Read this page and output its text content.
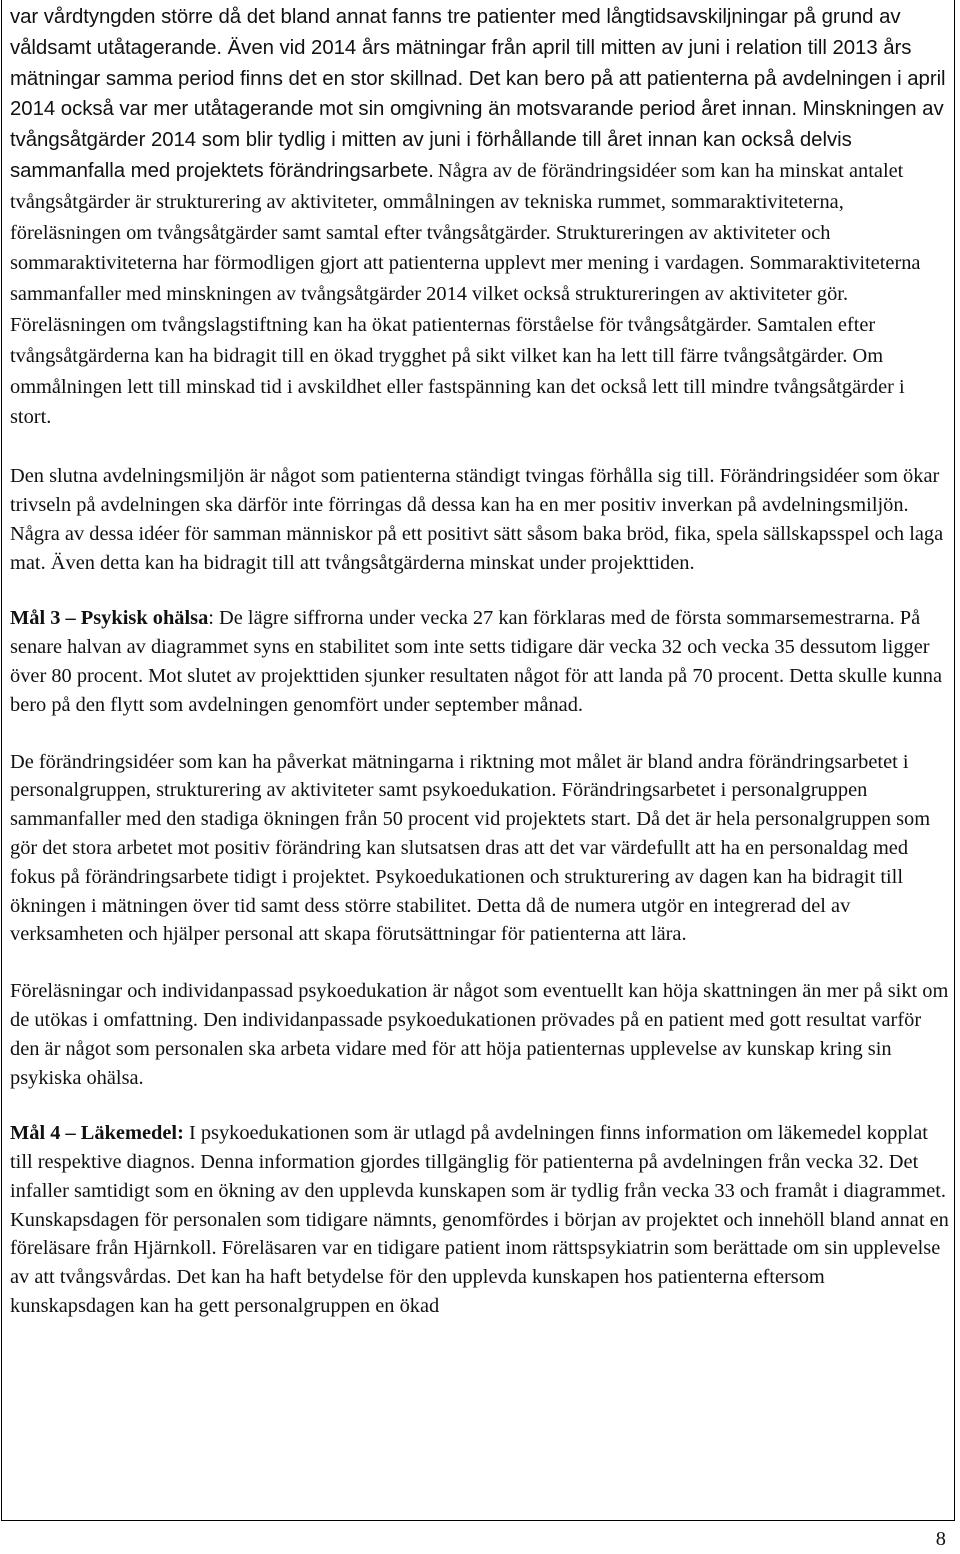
var vårdtyngden större då det bland annat fanns tre patienter med långtidsavskiljningar på grund av våldsamt utåtagerande. Även vid 2014 års mätningar från april till mitten av juni i relation till 2013 års mätningar samma period finns det en stor skillnad. Det kan bero på att patienterna på avdelningen i april 2014 också var mer utåtagerande mot sin omgivning än motsvarande period året innan. Minskningen av tvångsåtgärder 2014 som blir tydlig i mitten av juni i förhållande till året innan kan också delvis sammanfalla med projektets förändringsarbete. Några av de förändringsidéer som kan ha minskat antalet tvångsåtgärder är strukturering av aktiviteter, ommålningen av tekniska rummet, sommaraktiviteterna, föreläsningen om tvångsåtgärder samt samtal efter tvångsåtgärder. Struktureringen av aktiviteter och sommaraktiviteterna har förmodligen gjort att patienterna upplevt mer mening i vardagen. Sommaraktiviteterna sammanfaller med minskningen av tvångsåtgärder 2014 vilket också struktureringen av aktiviteter gör. Föreläsningen om tvångslagstiftning kan ha ökat patienternas förståelse för tvångsåtgärder. Samtalen efter tvångsåtgärderna kan ha bidragit till en ökad trygghet på sikt vilket kan ha lett till färre tvångsåtgärder. Om ommålningen lett till minskad tid i avskildhet eller fastspänning kan det också lett till mindre tvångsåtgärder i stort.

Den slutna avdelningsmiljön är något som patienterna ständigt tvingas förhålla sig till. Förändringsidéer som ökar trivseln på avdelningen ska därför inte förringas då dessa kan ha en mer positiv inverkan på avdelningsmiljön. Några av dessa idéer för samman människor på ett positivt sätt såsom baka bröd, fika, spela sällskapsspel och laga mat. Även detta kan ha bidragit till att tvångsåtgärderna minskat under projekttiden.

Mål 3 – Psykisk ohälsa: De lägre siffrorna under vecka 27 kan förklaras med de första sommarsemestrarna. På senare halvan av diagrammet syns en stabilitet som inte setts tidigare där vecka 32 och vecka 35 dessutom ligger över 80 procent. Mot slutet av projekttiden sjunker resultaten något för att landa på 70 procent. Detta skulle kunna bero på den flytt som avdelningen genomfört under september månad.

De förändringsidéer som kan ha påverkat mätningarna i riktning mot målet är bland andra förändringsarbetet i personalgruppen, strukturering av aktiviteter samt psykoedukation. Förändringsarbetet i personalgruppen sammanfaller med den stadiga ökningen från 50 procent vid projektets start. Då det är hela personalgruppen som gör det stora arbetet mot positiv förändring kan slutsatsen dras att det var värdefullt att ha en personaldag med fokus på förändringsarbete tidigt i projektet. Psykoedukationen och strukturering av dagen kan ha bidragit till ökningen i mätningen över tid samt dess större stabilitet. Detta då de numera utgör en integrerad del av verksamheten och hjälper personal att skapa förutsättningar för patienterna att lära.

Föreläsningar och individanpassad psykoedukation är något som eventuellt kan höja skattningen än mer på sikt om de utökas i omfattning. Den individanpassade psykoedukationen prövades på en patient med gott resultat varför den är något som personalen ska arbeta vidare med för att höja patienternas upplevelse av kunskap kring sin psykiska ohälsa.

Mål 4 – Läkemedel: I psykoedukationen som är utlagd på avdelningen finns information om läkemedel kopplat till respektive diagnos. Denna information gjordes tillgänglig för patienterna på avdelningen från vecka 32. Det infaller samtidigt som en ökning av den upplevda kunskapen som är tydlig från vecka 33 och framåt i diagrammet. Kunskapsdagen för personalen som tidigare nämnts, genomfördes i början av projektet och innehöll bland annat en föreläsare från Hjärnkoll. Föreläsaren var en tidigare patient inom rättspsykiatrin som berättade om sin upplevelse av att tvångsvårdas. Det kan ha haft betydelse för den upplevda kunskapen hos patienterna eftersom kunskapsdagen kan ha gett personalgruppen en ökad

8
